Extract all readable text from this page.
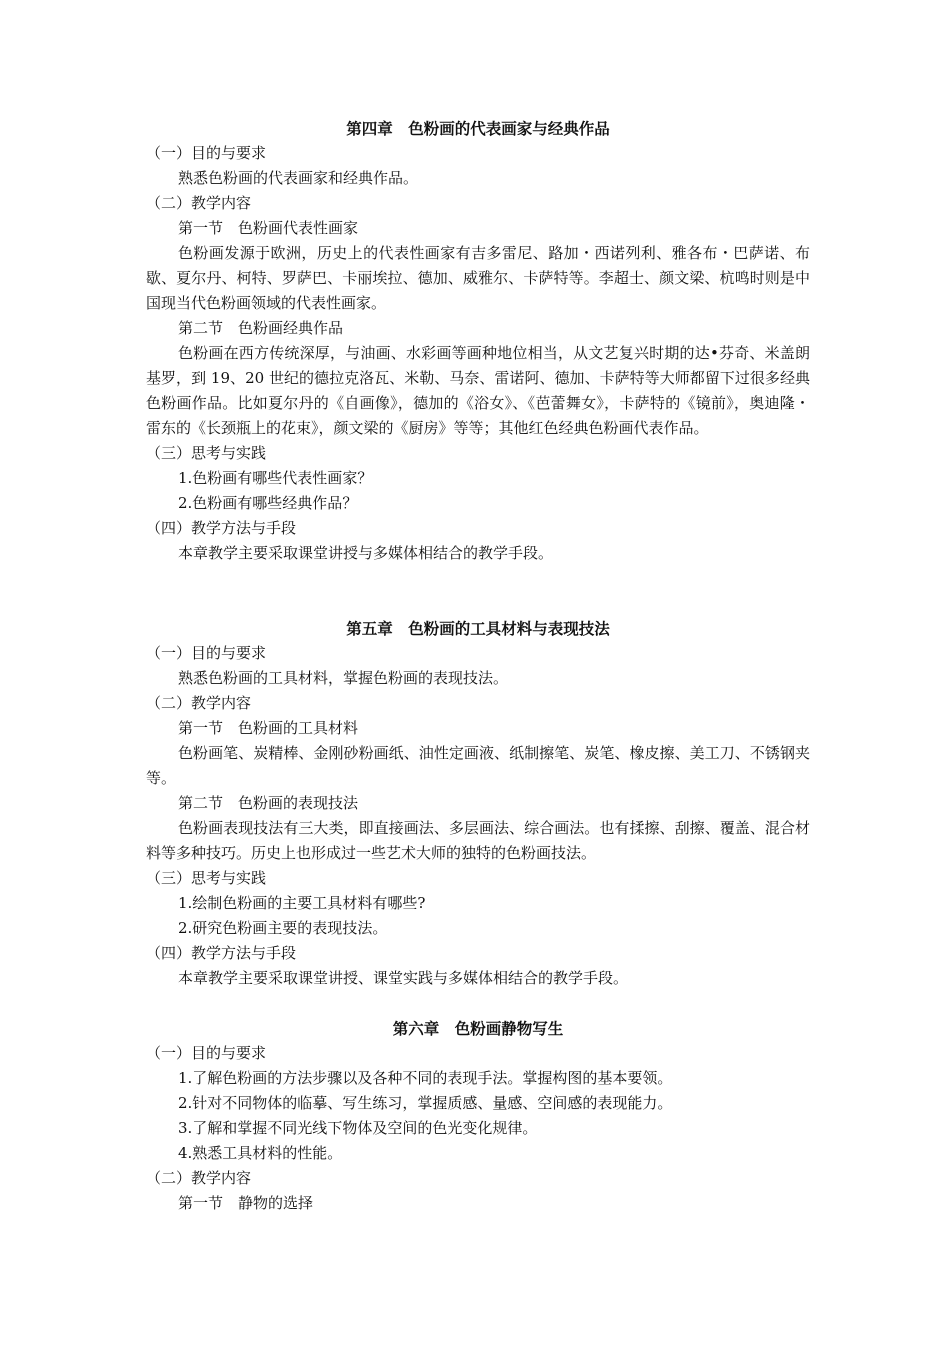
第四章　色粉画的代表画家与经典作品

（一）目的与要求

熟悉色粉画的代表画家和经典作品。

（二）教学内容

第一节　色粉画代表性画家

色粉画发源于欧洲，历史上的代表性画家有吉多雷尼、路加・西诺列利、雅各布・巴萨诺、布歇、夏尔丹、柯特、罗萨巴、卡丽埃拉、德加、威雅尔、卡萨特等。李超士、颜文梁、杭鸣时则是中国现当代色粉画领域的代表性画家。

第二节　色粉画经典作品

色粉画在西方传统深厚，与油画、水彩画等画种地位相当，从文艺复兴时期的达•芬奇、米盖朗基罗，到 19、20 世纪的德拉克洛瓦、米勒、马奈、雷诺阿、德加、卡萨特等大师都留下过很多经典色粉画作品。比如夏尔丹的《自画像》，德加的《浴女》、《芭蕾舞女》，卡萨特的《镜前》，奥迪隆・雷东的《长颈瓶上的花束》，颜文梁的《厨房》等等；其他红色经典色粉画代表作品。

（三）思考与实践

1.色粉画有哪些代表性画家？

2.色粉画有哪些经典作品？

（四）教学方法与手段

本章教学主要采取课堂讲授与多媒体相结合的教学手段。

第五章　色粉画的工具材料与表现技法

（一）目的与要求

熟悉色粉画的工具材料，掌握色粉画的表现技法。

（二）教学内容

第一节　色粉画的工具材料

色粉画笔、炭精棒、金刚砂粉画纸、油性定画液、纸制擦笔、炭笔、橡皮擦、美工刀、不锈钢夹等。

第二节　色粉画的表现技法

色粉画表现技法有三大类，即直接画法、多层画法、综合画法。也有揉擦、刮擦、覆盖、混合材料等多种技巧。历史上也形成过一些艺术大师的独特的色粉画技法。

（三）思考与实践

1.绘制色粉画的主要工具材料有哪些?

2.研究色粉画主要的表现技法。

（四）教学方法与手段

本章教学主要采取课堂讲授、课堂实践与多媒体相结合的教学手段。

第六章　色粉画静物写生

（一）目的与要求

1.了解色粉画的方法步骤以及各种不同的表现手法。掌握构图的基本要领。

2.针对不同物体的临摹、写生练习，掌握质感、量感、空间感的表现能力。

3.了解和掌握不同光线下物体及空间的色光变化规律。

4.熟悉工具材料的性能。

（二）教学内容

第一节　静物的选择
